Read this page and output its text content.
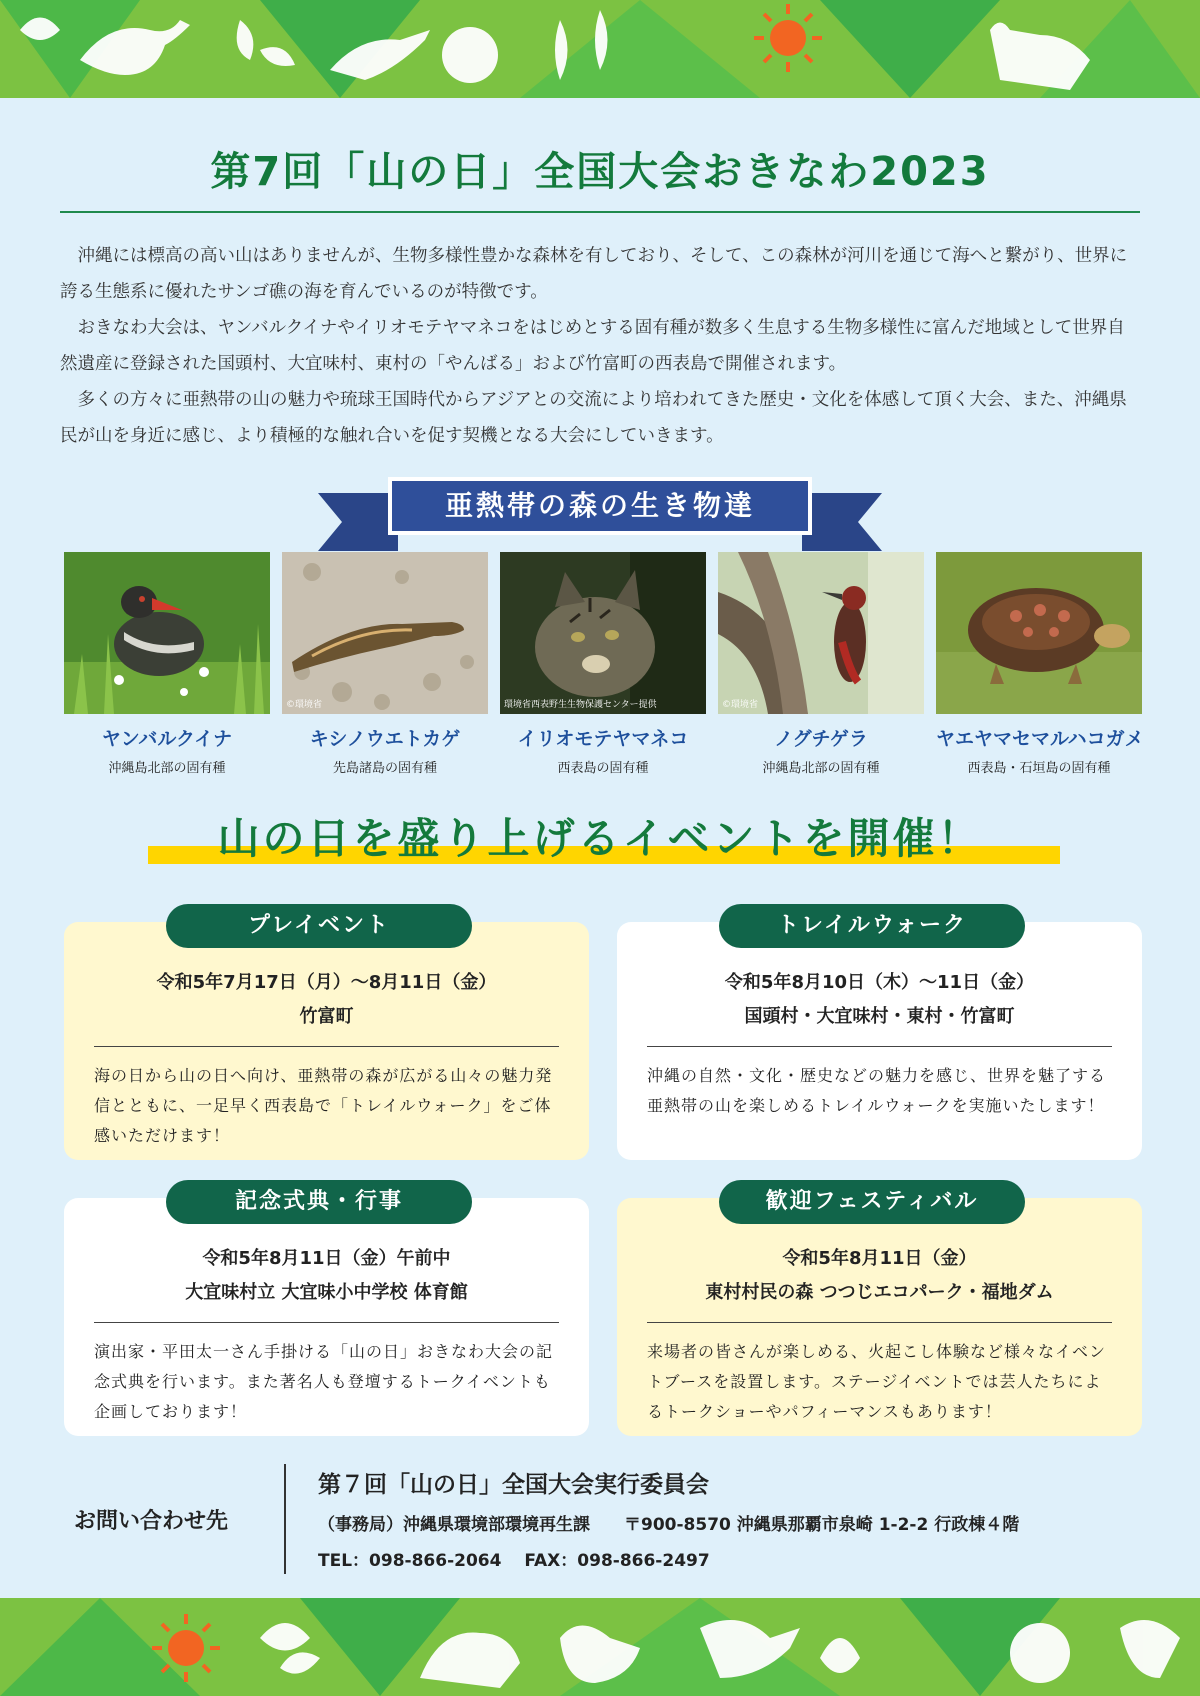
第7回「山の日」全国大会おきなわ2023

沖縄には標高の高い山はありませんが、生物多様性豊かな森林を有しており、そして、この森林が河川を通じて海へと繋がり、世界に誇る生態系に優れたサンゴ礁の海を育んでいるのが特徴です。

おきなわ大会は、ヤンバルクイナやイリオモテヤマネコをはじめとする固有種が数多く生息する生物多様性に富んだ地域として世界自然遺産に登録された国頭村、大宜味村、東村の「やんばる」および竹富町の西表島で開催されます。

多くの方々に亜熱帯の山の魅力や琉球王国時代からアジアとの交流により培われてきた歴史・文化を体感して頂く大会、また、沖縄県民が山を身近に感じ、より積極的な触れ合いを促す契機となる大会にしていきます。

亜熱帯の森の生き物達
ヤンバルクイナ
沖縄島北部の固有種
©環境省
キシノウエトカゲ
先島諸島の固有種
環境省西表野生生物保護センター提供
イリオモテヤマネコ
西表島の固有種
©環境省
ノグチゲラ
沖縄島北部の固有種
ヤエヤマセマルハコガメ
西表島・石垣島の固有種
山の日を盛り上げるイベントを開催！
プレイベント
令和5年7月17日（月）〜8月11日（金）
竹富町
海の日から山の日へ向け、亜熱帯の森が広がる山々の魅力発信とともに、一足早く西表島で「トレイルウォーク」をご体感いただけます！
トレイルウォーク
令和5年8月10日（木）〜11日（金）
国頭村・大宜味村・東村・竹富町
沖縄の自然・文化・歴史などの魅力を感じ、世界を魅了する亜熱帯の山を楽しめるトレイルウォークを実施いたします！
記念式典・行事
令和5年8月11日（金）午前中
大宜味村立 大宜味小中学校 体育館
演出家・平田太一さん手掛ける「山の日」おきなわ大会の記念式典を行います。また著名人も登壇するトークイベントも企画しております！
歓迎フェスティバル
令和5年8月11日（金）
東村村民の森 つつじエコパーク・福地ダム
来場者の皆さんが楽しめる、火起こし体験など様々なイベントブースを設置します。ステージイベントでは芸人たちによるトークショーやパフィーマンスもあります！
お問い合わせ先
第７回「山の日」全国大会実行委員会
（事務局）沖縄県環境部環境再生課　　〒900-8570 沖縄県那覇市泉崎 1-2-2 行政棟４階
TEL：098-866-2064　 FAX：098-866-2497
